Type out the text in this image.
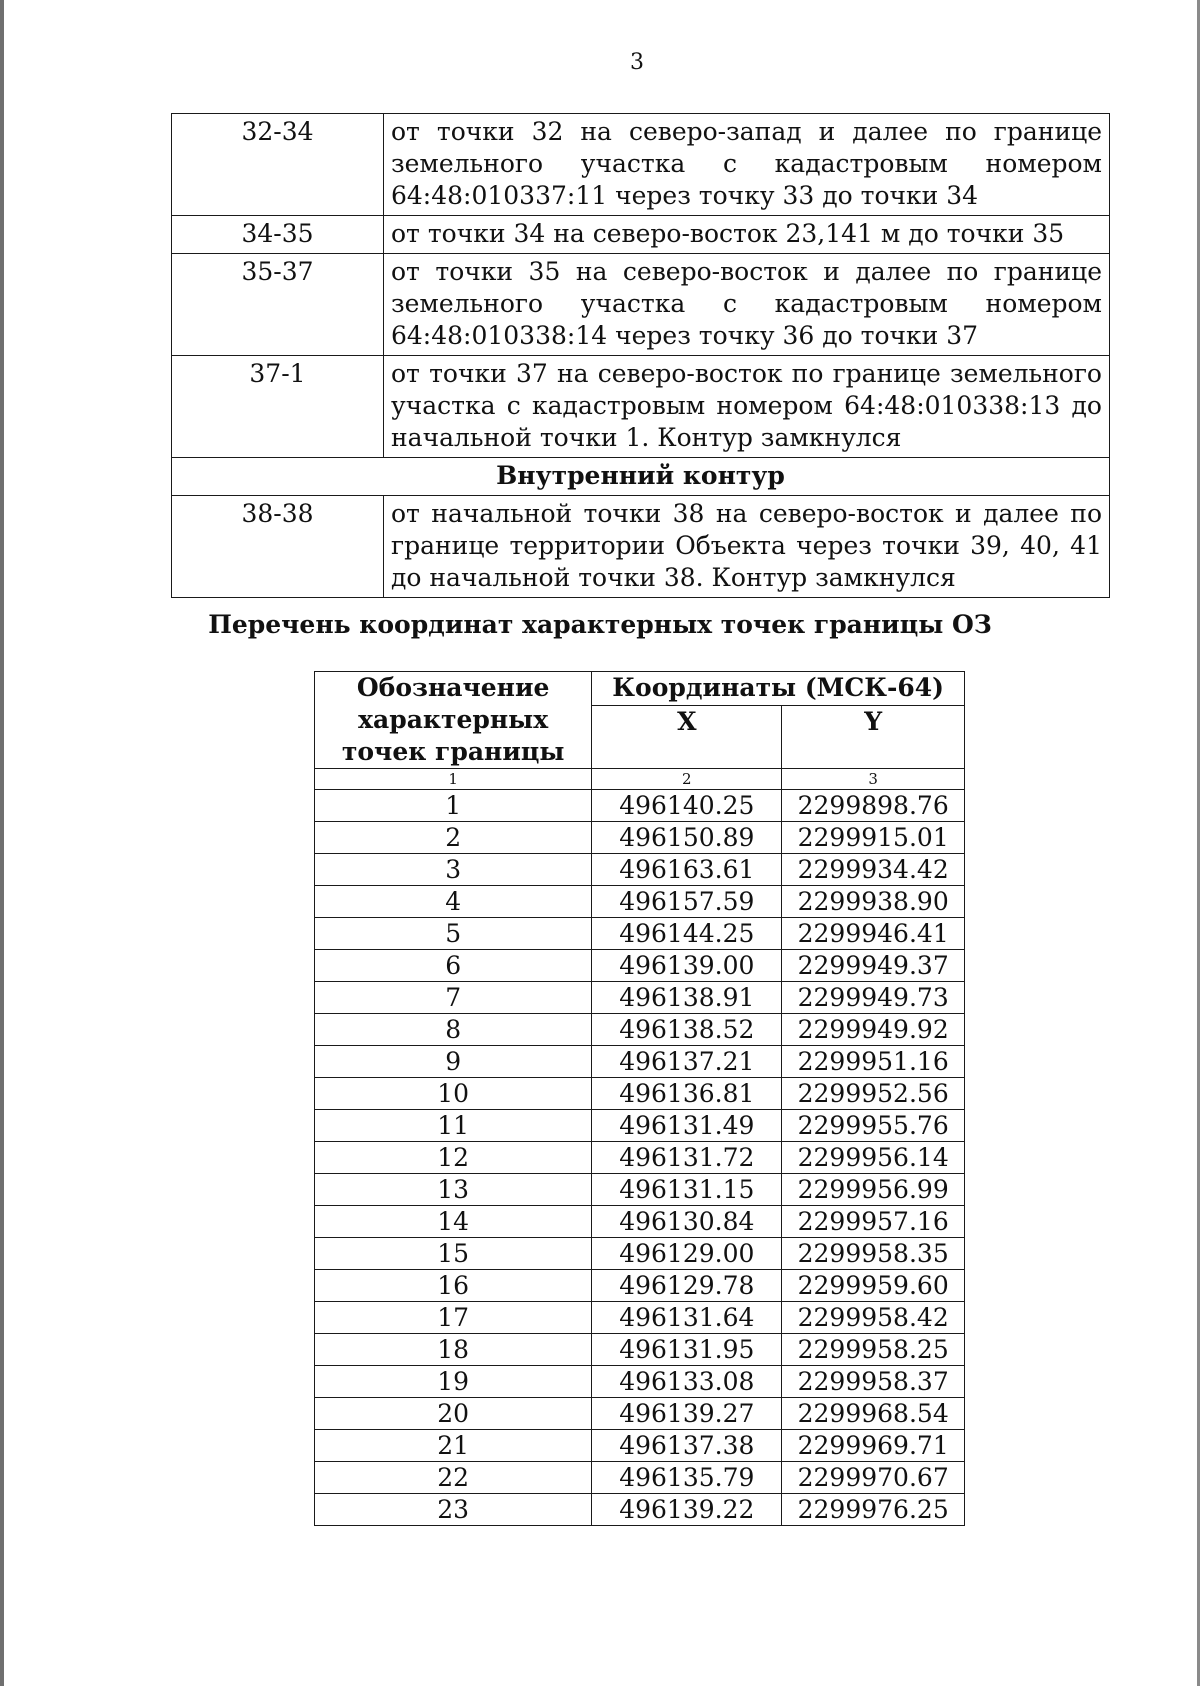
3
32-34	от точки 32 на северо-запад и далее по границе земельного участка с кадастровым номером 64:48:010337:11 через точку 33 до точки 34
34-35	от точки 34 на северо-восток 23,141 м до точки 35
35-37	от точки 35 на северо-восток и далее по границе земельного участка с кадастровым номером 64:48:010338:14 через точку 36 до точки 37
37-1	от точки 37 на северо-восток по границе земельного участка с кадастровым номером 64:48:010338:13 до начальной точки 1. Контур замкнулся
Внутренний контур	
38-38	от начальной точки 38 на северо-восток и далее по границе территории Объекта через точки 39, 40, 41 до начальной точки 38. Контур замкнулся
Перечень координат характерных точек границы ОЗ
Обозначение характерных точек границы	Координаты (МСК-64)	
	X	Y
1	2	3
1	496140.25	2299898.76
2	496150.89	2299915.01
3	496163.61	2299934.42
4	496157.59	2299938.90
5	496144.25	2299946.41
6	496139.00	2299949.37
7	496138.91	2299949.73
8	496138.52	2299949.92
9	496137.21	2299951.16
10	496136.81	2299952.56
11	496131.49	2299955.76
12	496131.72	2299956.14
13	496131.15	2299956.99
14	496130.84	2299957.16
15	496129.00	2299958.35
16	496129.78	2299959.60
17	496131.64	2299958.42
18	496131.95	2299958.25
19	496133.08	2299958.37
20	496139.27	2299968.54
21	496137.38	2299969.71
22	496135.79	2299970.67
23	496139.22	2299976.25
